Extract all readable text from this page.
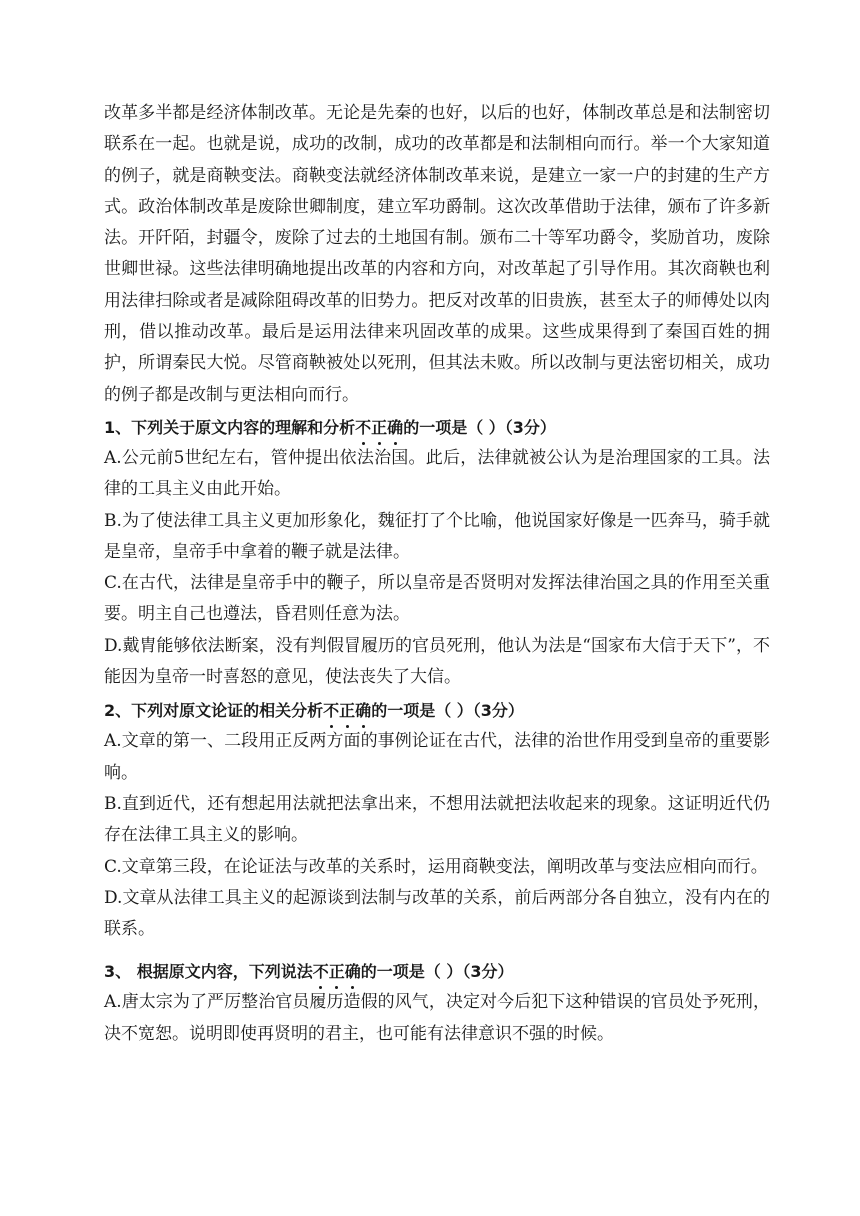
改革多半都是经济体制改革。无论是先秦的也好，以后的也好，体制改革总是和法制密切联系在一起。也就是说，成功的改制，成功的改革都是和法制相向而行。举一个大家知道的例子，就是商鞅变法。商鞅变法就经济体制改革来说，是建立一家一户的封建的生产方式。政治体制改革是废除世卿制度，建立军功爵制。这次改革借助于法律，颁布了许多新法。开阡陌，封疆令，废除了过去的土地国有制。颁布二十等军功爵令，奖励首功，废除世卿世禄。这些法律明确地提出改革的内容和方向，对改革起了引导作用。其次商鞅也利用法律扫除或者是减除阻碍改革的旧势力。把反对改革的旧贵族，甚至太子的师傅处以肉刑，借以推动改革。最后是运用法律来巩固改革的成果。这些成果得到了秦国百姓的拥护，所谓秦民大悦。尽管商鞅被处以死刑，但其法未败。所以改制与更法密切相关，成功的例子都是改制与更法相向而行。

1、下列关于原文内容的理解和分析不正确的一项是（ ）（3分）

A.公元前5世纪左右，管仲提出依法治国。此后，法律就被公认为是治理国家的工具。法律的工具主义由此开始。

B.为了使法律工具主义更加形象化，魏征打了个比喻，他说国家好像是一匹奔马，骑手就是皇帝，皇帝手中拿着的鞭子就是法律。

C.在古代，法律是皇帝手中的鞭子，所以皇帝是否贤明对发挥法律治国之具的作用至关重要。明主自己也遵法，昏君则任意为法。

D.戴胄能够依法断案，没有判假冒履历的官员死刑，他认为法是“国家布大信于天下”，不能因为皇帝一时喜怒的意见，使法丧失了大信。

2、下列对原文论证的相关分析不正确的一项是（ ）（3分）

A.文章的第一、二段用正反两方面的事例论证在古代，法律的治世作用受到皇帝的重要影响。

B.直到近代，还有想起用法就把法拿出来，不想用法就把法收起来的现象。这证明近代仍存在法律工具主义的影响。

C.文章第三段，在论证法与改革的关系时，运用商鞅变法，阐明改革与变法应相向而行。

D.文章从法律工具主义的起源谈到法制与改革的关系，前后两部分各自独立，没有内在的联系。

3、 根据原文内容，下列说法不正确的一项是（ ）（3分）

A.唐太宗为了严厉整治官员履历造假的风气，决定对今后犯下这种错误的官员处予死刑，决不宽恕。说明即使再贤明的君主，也可能有法律意识不强的时候。
